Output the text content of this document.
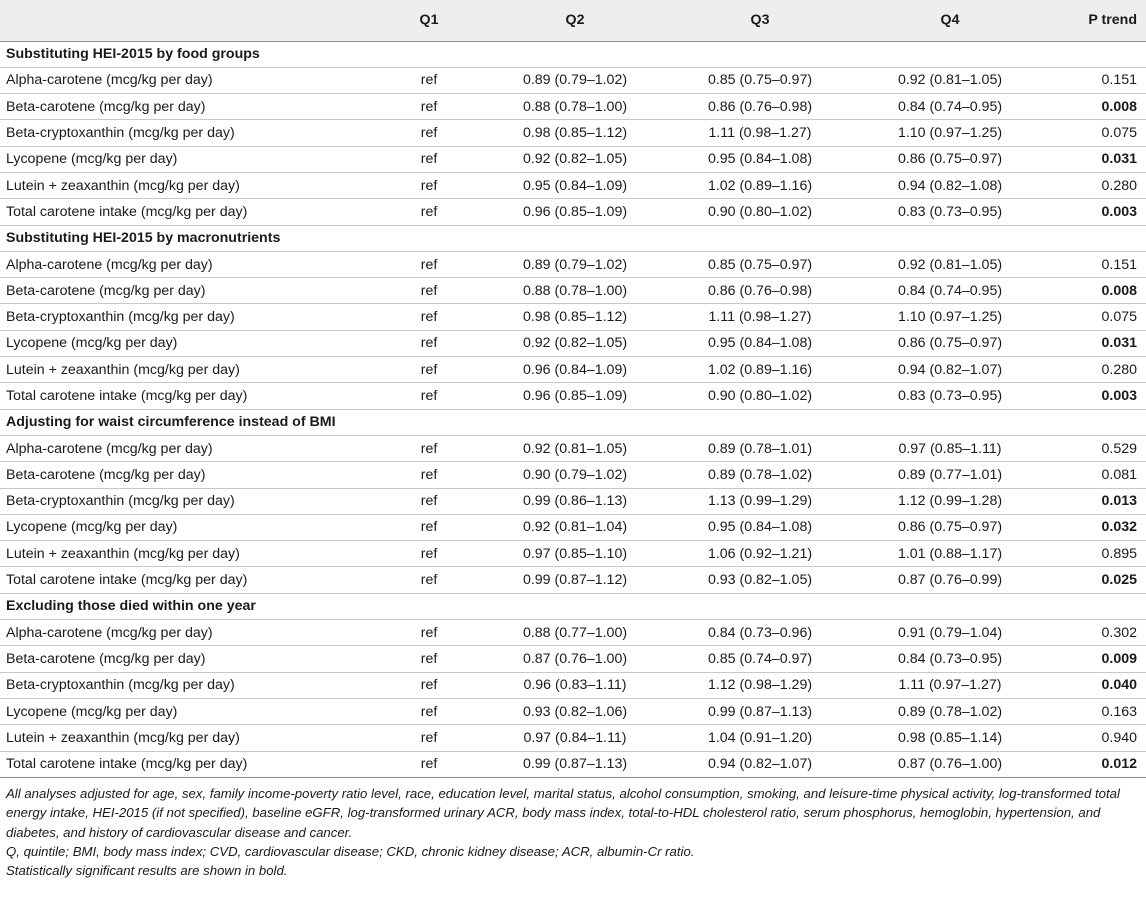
	Q1	Q2	Q3	Q4	P trend
Substituting HEI-2015 by food groups					
Alpha-carotene (mcg/kg per day)	ref	0.89 (0.79–1.02)	0.85 (0.75–0.97)	0.92 (0.81–1.05)	0.151
Beta-carotene (mcg/kg per day)	ref	0.88 (0.78–1.00)	0.86 (0.76–0.98)	0.84 (0.74–0.95)	0.008
Beta-cryptoxanthin (mcg/kg per day)	ref	0.98 (0.85–1.12)	1.11 (0.98–1.27)	1.10 (0.97–1.25)	0.075
Lycopene (mcg/kg per day)	ref	0.92 (0.82–1.05)	0.95 (0.84–1.08)	0.86 (0.75–0.97)	0.031
Lutein + zeaxanthin (mcg/kg per day)	ref	0.95 (0.84–1.09)	1.02 (0.89–1.16)	0.94 (0.82–1.08)	0.280
Total carotene intake (mcg/kg per day)	ref	0.96 (0.85–1.09)	0.90 (0.80–1.02)	0.83 (0.73–0.95)	0.003
Substituting HEI-2015 by macronutrients					
Alpha-carotene (mcg/kg per day)	ref	0.89 (0.79–1.02)	0.85 (0.75–0.97)	0.92 (0.81–1.05)	0.151
Beta-carotene (mcg/kg per day)	ref	0.88 (0.78–1.00)	0.86 (0.76–0.98)	0.84 (0.74–0.95)	0.008
Beta-cryptoxanthin (mcg/kg per day)	ref	0.98 (0.85–1.12)	1.11 (0.98–1.27)	1.10 (0.97–1.25)	0.075
Lycopene (mcg/kg per day)	ref	0.92 (0.82–1.05)	0.95 (0.84–1.08)	0.86 (0.75–0.97)	0.031
Lutein + zeaxanthin (mcg/kg per day)	ref	0.96 (0.84–1.09)	1.02 (0.89–1.16)	0.94 (0.82–1.07)	0.280
Total carotene intake (mcg/kg per day)	ref	0.96 (0.85–1.09)	0.90 (0.80–1.02)	0.83 (0.73–0.95)	0.003
Adjusting for waist circumference instead of BMI					
Alpha-carotene (mcg/kg per day)	ref	0.92 (0.81–1.05)	0.89 (0.78–1.01)	0.97 (0.85–1.11)	0.529
Beta-carotene (mcg/kg per day)	ref	0.90 (0.79–1.02)	0.89 (0.78–1.02)	0.89 (0.77–1.01)	0.081
Beta-cryptoxanthin (mcg/kg per day)	ref	0.99 (0.86–1.13)	1.13 (0.99–1.29)	1.12 (0.99–1.28)	0.013
Lycopene (mcg/kg per day)	ref	0.92 (0.81–1.04)	0.95 (0.84–1.08)	0.86 (0.75–0.97)	0.032
Lutein + zeaxanthin (mcg/kg per day)	ref	0.97 (0.85–1.10)	1.06 (0.92–1.21)	1.01 (0.88–1.17)	0.895
Total carotene intake (mcg/kg per day)	ref	0.99 (0.87–1.12)	0.93 (0.82–1.05)	0.87 (0.76–0.99)	0.025
Excluding those died within one year					
Alpha-carotene (mcg/kg per day)	ref	0.88 (0.77–1.00)	0.84 (0.73–0.96)	0.91 (0.79–1.04)	0.302
Beta-carotene (mcg/kg per day)	ref	0.87 (0.76–1.00)	0.85 (0.74–0.97)	0.84 (0.73–0.95)	0.009
Beta-cryptoxanthin (mcg/kg per day)	ref	0.96 (0.83–1.11)	1.12 (0.98–1.29)	1.11 (0.97–1.27)	0.040
Lycopene (mcg/kg per day)	ref	0.93 (0.82–1.06)	0.99 (0.87–1.13)	0.89 (0.78–1.02)	0.163
Lutein + zeaxanthin (mcg/kg per day)	ref	0.97 (0.84–1.11)	1.04 (0.91–1.20)	0.98 (0.85–1.14)	0.940
Total carotene intake (mcg/kg per day)	ref	0.99 (0.87–1.13)	0.94 (0.82–1.07)	0.87 (0.76–1.00)	0.012

All analyses adjusted for age, sex, family income-poverty ratio level, race, education level, marital status, alcohol consumption, smoking, and leisure-time physical activity, log-transformed total energy intake, HEI-2015 (if not specified), baseline eGFR, log-transformed urinary ACR, body mass index, total-to-HDL cholesterol ratio, serum phosphorus, hemoglobin, hypertension, and diabetes, and history of cardiovascular disease and cancer.

Q, quintile; BMI, body mass index; CVD, cardiovascular disease; CKD, chronic kidney disease; ACR, albumin-Cr ratio.

Statistically significant results are shown in bold.
